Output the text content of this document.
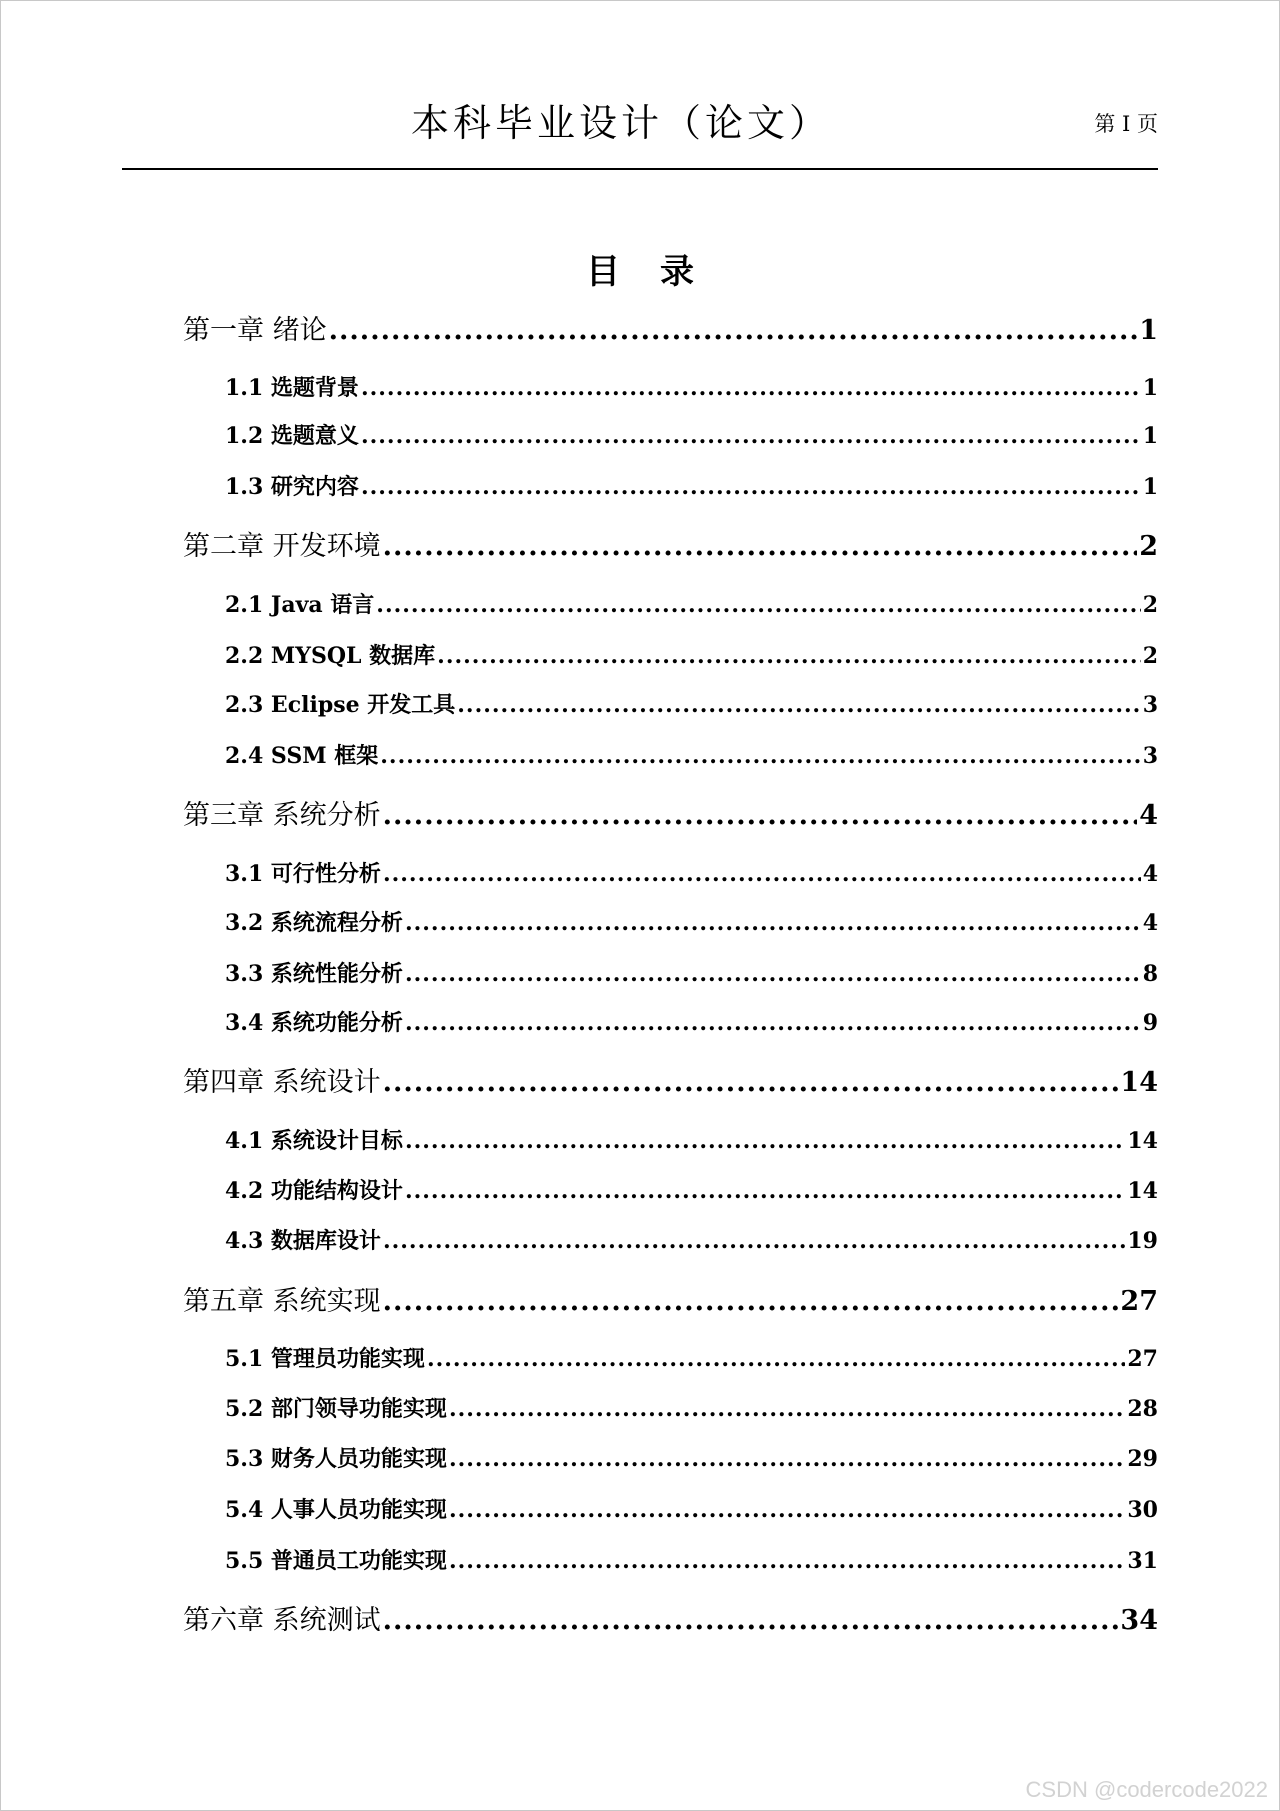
本科毕业设计（论文）	第 I 页
目录
第一章 绪论 .....	1
1.1 选题背景 .....	1
1.2 选题意义 .....	1
1.3 研究内容 .....	1
第二章 开发环境 .....	2
2.1 Java 语言 .....	2
2.2 MYSQL 数据库 .....	2
2.3 Eclipse 开发工具 .....	3
2.4 SSM 框架 .....	3
第三章 系统分析 .....	4
3.1 可行性分析 .....	4
3.2 系统流程分析 .....	4
3.3 系统性能分析 .....	8
3.4 系统功能分析 .....	9
第四章 系统设计 .....	14
4.1 系统设计目标 .....	14
4.2 功能结构设计 .....	14
4.3 数据库设计 .....	19
第五章 系统实现 .....	27
5.1 管理员功能实现 .....	27
5.2 部门领导功能实现 .....	28
5.3 财务人员功能实现 .....	29
5.4 人事人员功能实现 .....	30
5.5 普通员工功能实现 .....	31
第六章 系统测试 .....	34
CSDN @codercode2022
